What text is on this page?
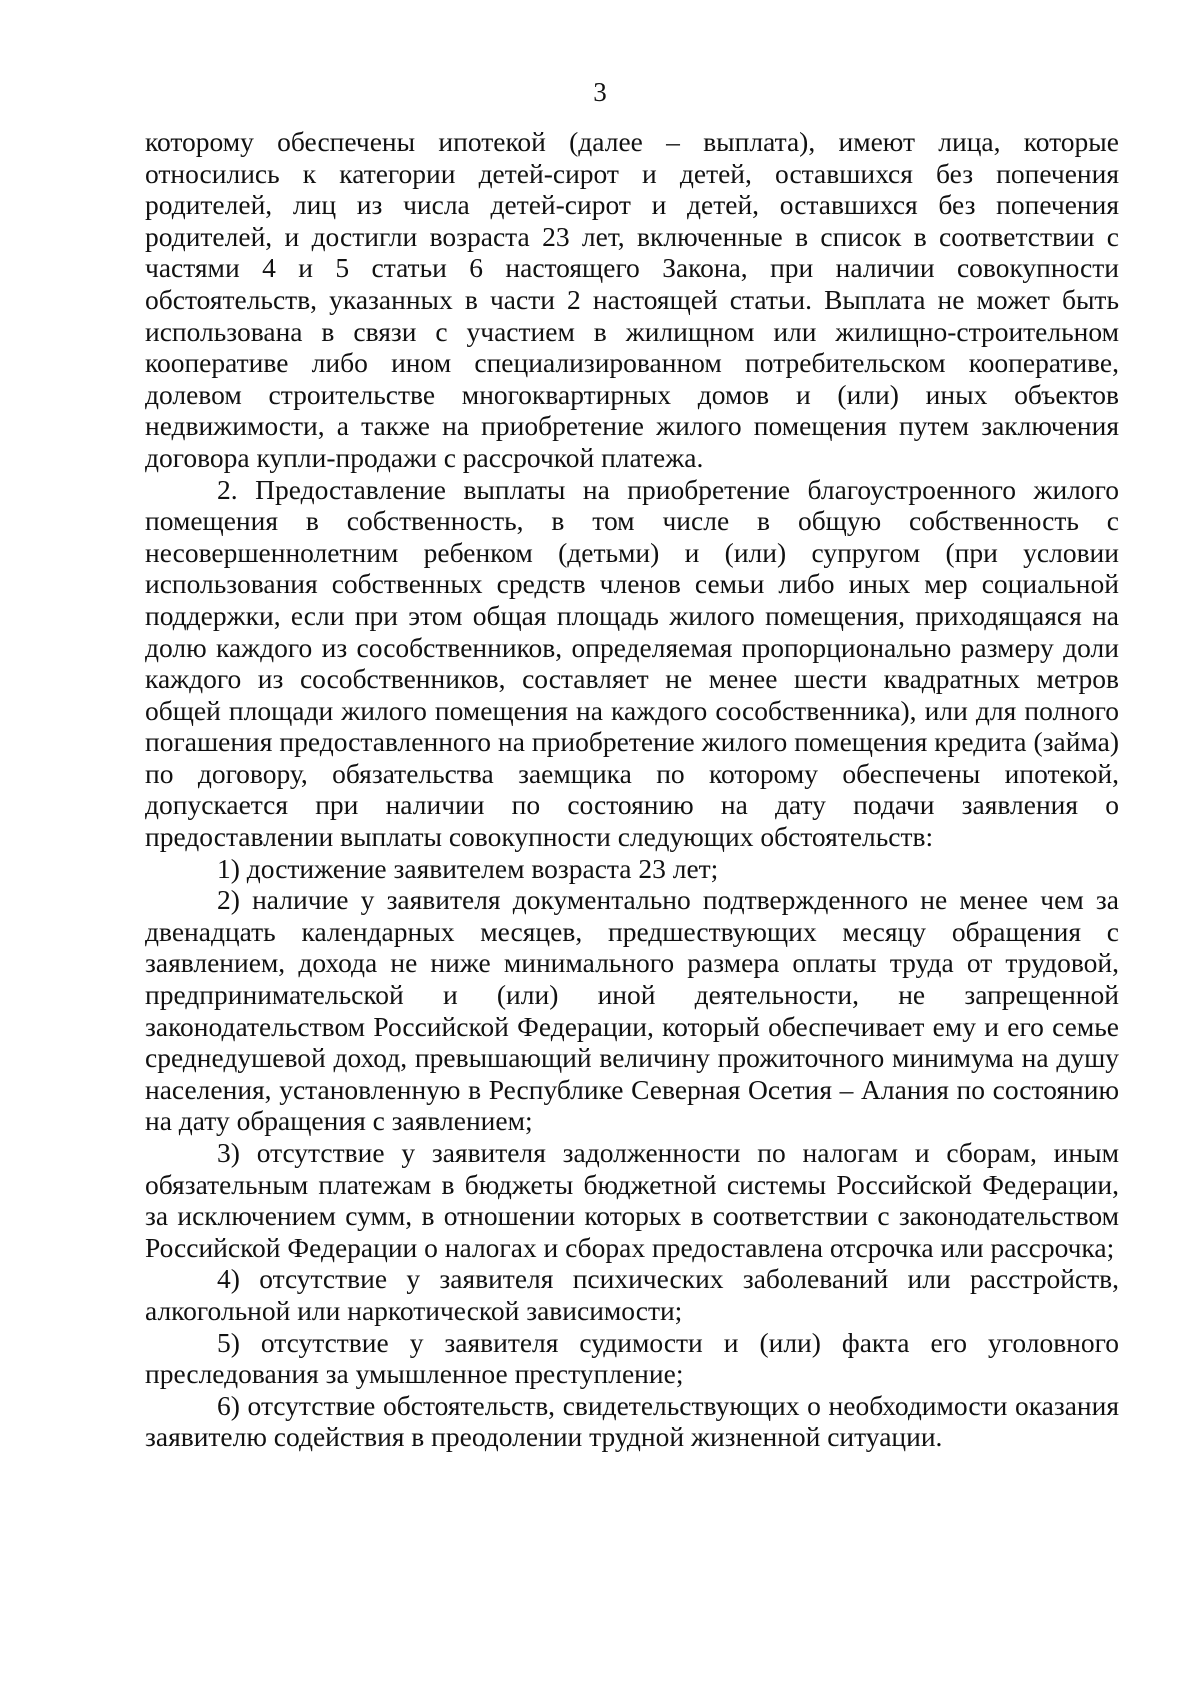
3

которому обеспечены ипотекой (далее – выплата), имеют лица, которые относились к категории детей-сирот и детей, оставшихся без попечения родителей, лиц из числа детей-сирот и детей, оставшихся без попечения родителей, и достигли возраста 23 лет, включенные в список в соответствии с частями 4 и 5 статьи 6 настоящего Закона, при наличии совокупности обстоятельств, указанных в части 2 настоящей статьи. Выплата не может быть использована в связи с участием в жилищном или жилищно-строительном кооперативе либо ином специализированном потребительском кооперативе, долевом строительстве многоквартирных домов и (или) иных объектов недвижимости, а также на приобретение жилого помещения путем заключения договора купли-продажи с рассрочкой платежа.

2. Предоставление выплаты на приобретение благоустроенного жилого помещения в собственность, в том числе в общую собственность с несовершеннолетним ребенком (детьми) и (или) супругом (при условии использования собственных средств членов семьи либо иных мер социальной поддержки, если при этом общая площадь жилого помещения, приходящаяся на долю каждого из сособственников, определяемая пропорционально размеру доли каждого из сособственников, составляет не менее шести квадратных метров общей площади жилого помещения на каждого сособственника), или для полного погашения предоставленного на приобретение жилого помещения кредита (займа) по договору, обязательства заемщика по которому обеспечены ипотекой, допускается при наличии по состоянию на дату подачи заявления о предоставлении выплаты совокупности следующих обстоятельств:

1) достижение заявителем возраста 23 лет;

2) наличие у заявителя документально подтвержденного не менее чем за двенадцать календарных месяцев, предшествующих месяцу обращения с заявлением, дохода не ниже минимального размера оплаты труда от трудовой, предпринимательской и (или) иной деятельности, не запрещенной законодательством Российской Федерации, который обеспечивает ему и его семье среднедушевой доход, превышающий величину прожиточного минимума на душу населения, установленную в Республике Северная Осетия – Алания по состоянию на дату обращения с заявлением;

3) отсутствие у заявителя задолженности по налогам и сборам, иным обязательным платежам в бюджеты бюджетной системы Российской Федерации, за исключением сумм, в отношении которых в соответствии с законодательством Российской Федерации о налогах и сборах предоставлена отсрочка или рассрочка;

4) отсутствие у заявителя психических заболеваний или расстройств, алкогольной или наркотической зависимости;

5) отсутствие у заявителя судимости и (или) факта его уголовного преследования за умышленное преступление;

6) отсутствие обстоятельств, свидетельствующих о необходимости оказания заявителю содействия в преодолении трудной жизненной ситуации.
